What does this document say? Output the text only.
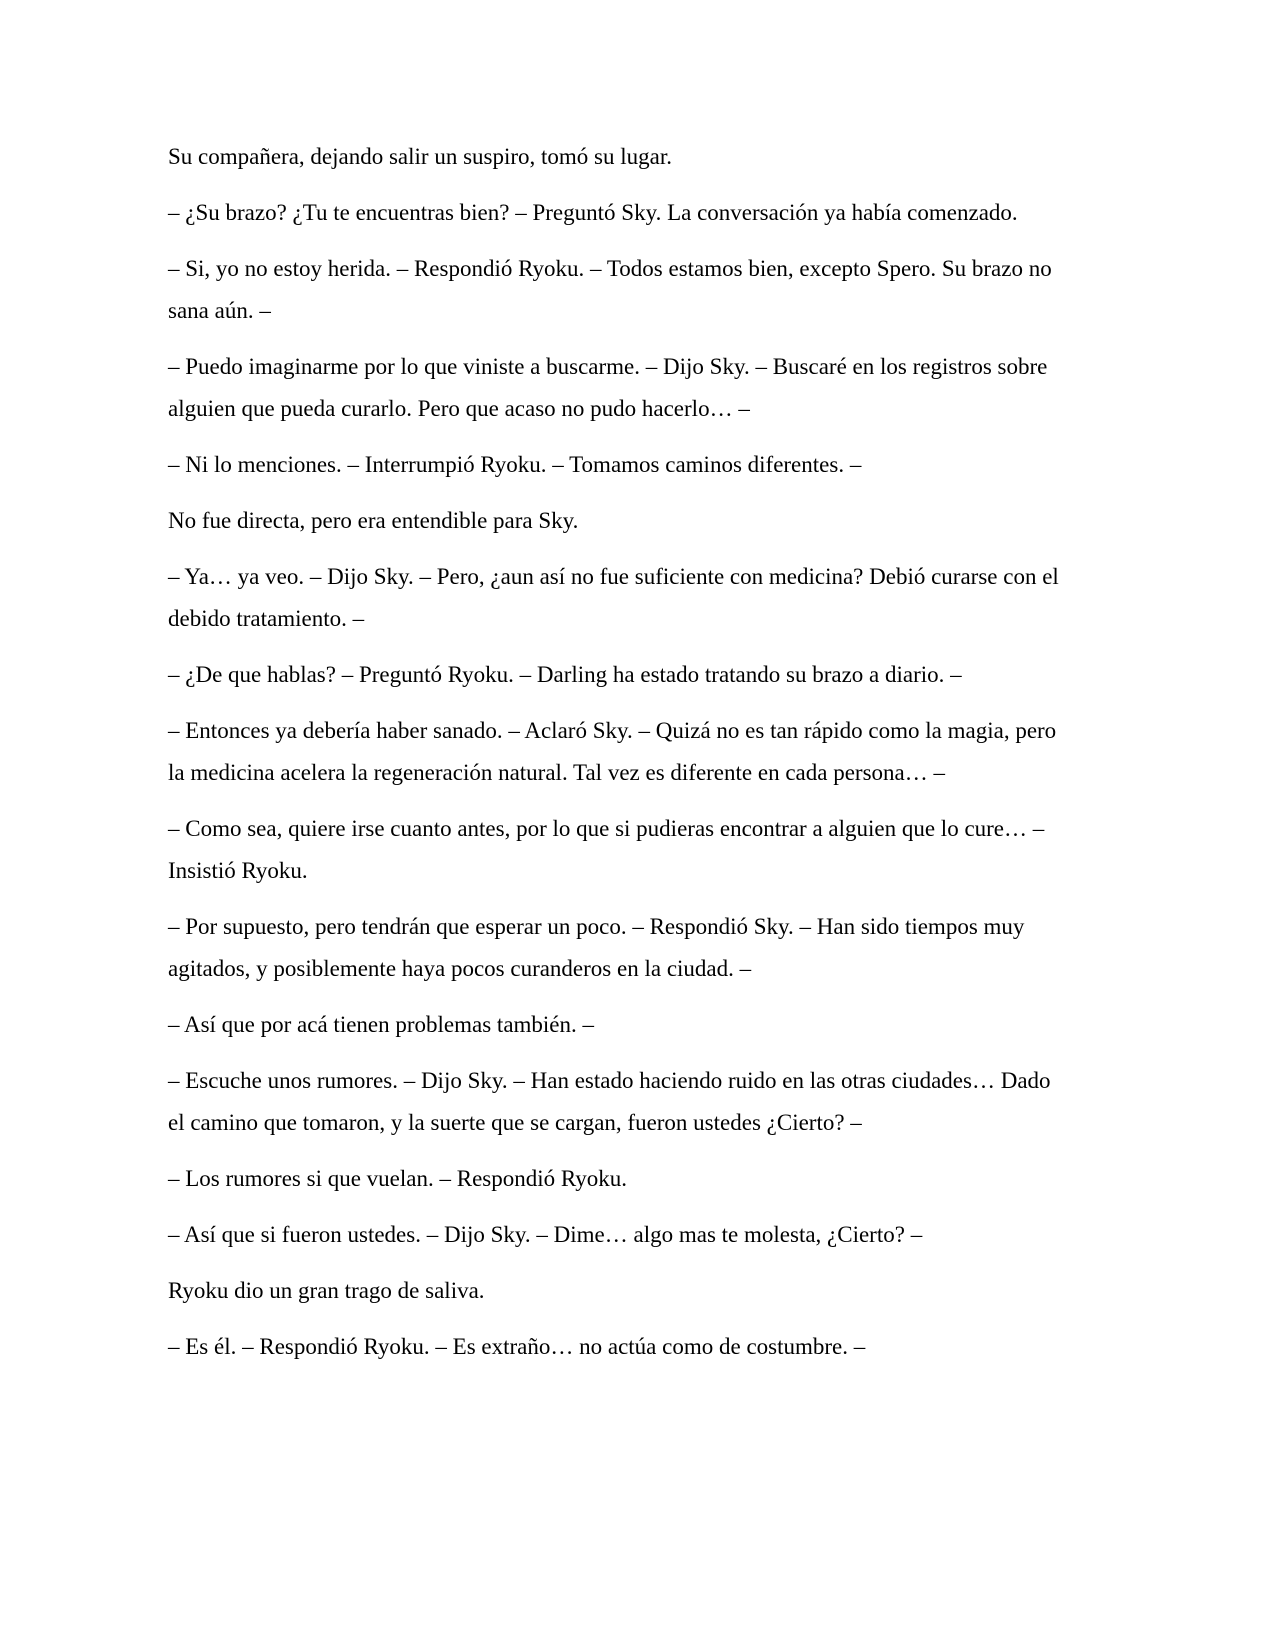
Su compañera, dejando salir un suspiro, tomó su lugar.

– ¿Su brazo? ¿Tu te encuentras bien? – Preguntó Sky. La conversación ya había comenzado.

– Si, yo no estoy herida. – Respondió Ryoku. – Todos estamos bien, excepto Spero. Su brazo no sana aún. –

– Puedo imaginarme por lo que viniste a buscarme. – Dijo Sky. – Buscaré en los registros sobre alguien que pueda curarlo. Pero que acaso no pudo hacerlo… –

– Ni lo menciones. – Interrumpió Ryoku. – Tomamos caminos diferentes. –

No fue directa, pero era entendible para Sky.

– Ya… ya veo. – Dijo Sky. – Pero, ¿aun así no fue suficiente con medicina? Debió curarse con el debido tratamiento. –

– ¿De que hablas? – Preguntó Ryoku. – Darling ha estado tratando su brazo a diario. –

– Entonces ya debería haber sanado. – Aclaró Sky. – Quizá no es tan rápido como la magia, pero la medicina acelera la regeneración natural. Tal vez es diferente en cada persona… –

– Como sea, quiere irse cuanto antes, por lo que si pudieras encontrar a alguien que lo cure… – Insistió Ryoku.

– Por supuesto, pero tendrán que esperar un poco. – Respondió Sky. – Han sido tiempos muy agitados, y posiblemente haya pocos curanderos en la ciudad. –

– Así que por acá tienen problemas también. –

– Escuche unos rumores. – Dijo Sky. – Han estado haciendo ruido en las otras ciudades… Dado el camino que tomaron, y la suerte que se cargan, fueron ustedes ¿Cierto? –

– Los rumores si que vuelan. – Respondió Ryoku.

– Así que si fueron ustedes. – Dijo Sky. – Dime… algo mas te molesta, ¿Cierto? –

Ryoku dio un gran trago de saliva.

– Es él. – Respondió Ryoku. – Es extraño… no actúa como de costumbre. –
